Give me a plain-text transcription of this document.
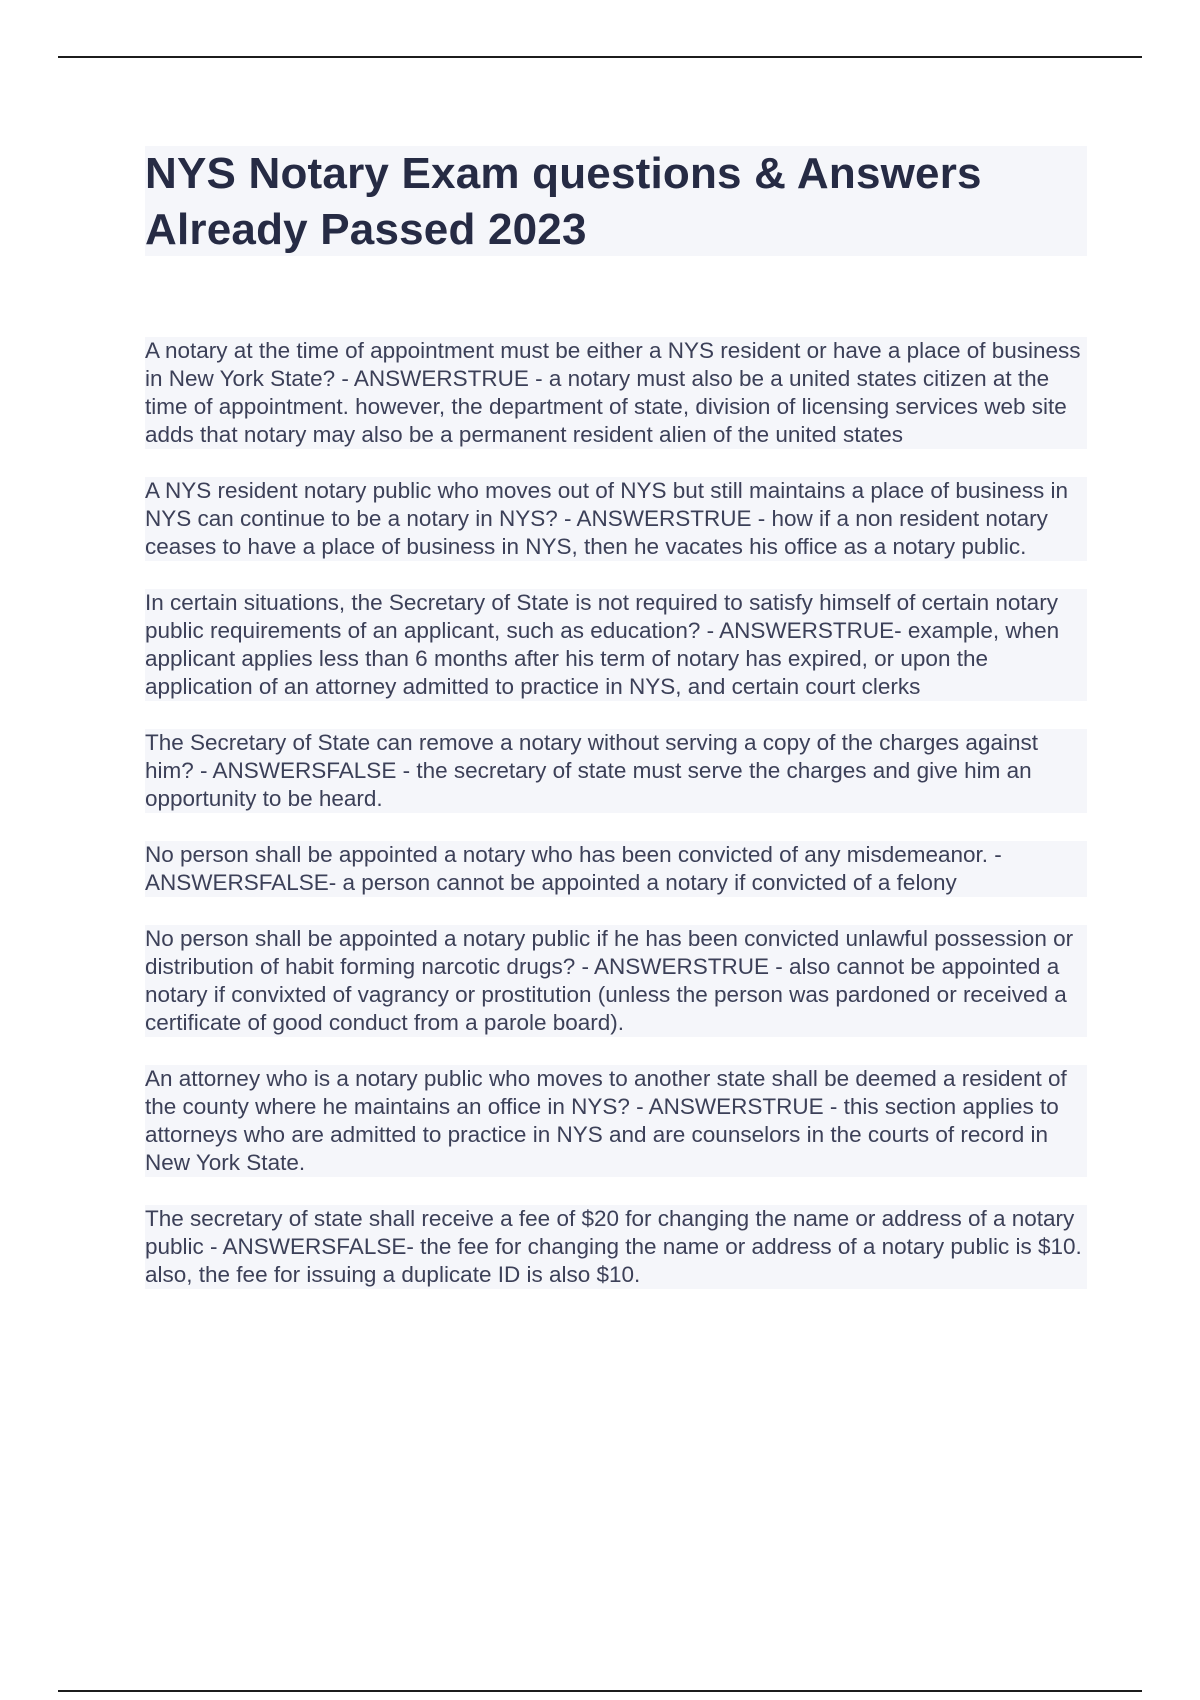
NYS Notary Exam questions & Answers Already Passed 2023

A notary at the time of appointment must be either a NYS resident or have a place of business in New York State? - ANSWERSTRUE - a notary must also be a united states citizen at the time of appointment. however, the department of state, division of licensing services web site adds that notary may also be a permanent resident alien of the united states

A NYS resident notary public who moves out of NYS but still maintains a place of business in NYS can continue to be a notary in NYS? - ANSWERSTRUE - how if a non resident notary ceases to have a place of business in NYS, then he vacates his office as a notary public.

In certain situations, the Secretary of State is not required to satisfy himself of certain notary public requirements of an applicant, such as education? - ANSWERSTRUE- example, when applicant applies less than 6 months after his term of notary has expired, or upon the application of an attorney admitted to practice in NYS, and certain court clerks

The Secretary of State can remove a notary without serving a copy of the charges against him? - ANSWERSFALSE - the secretary of state must serve the charges and give him an opportunity to be heard.

No person shall be appointed a notary who has been convicted of any misdemeanor. - ANSWERSFALSE- a person cannot be appointed a notary if convicted of a felony

No person shall be appointed a notary public if he has been convicted unlawful possession or distribution of habit forming narcotic drugs? - ANSWERSTRUE - also cannot be appointed a notary if convixted of vagrancy or prostitution (unless the person was pardoned or received a certificate of good conduct from a parole board).

An attorney who is a notary public who moves to another state shall be deemed a resident of the county where he maintains an office in NYS? - ANSWERSTRUE - this section applies to attorneys who are admitted to practice in NYS and are counselors in the courts of record in New York State.

The secretary of state shall receive a fee of $20 for changing the name or address of a notary public - ANSWERSFALSE- the fee for changing the name or address of a notary public is $10. also, the fee for issuing a duplicate ID is also $10.
